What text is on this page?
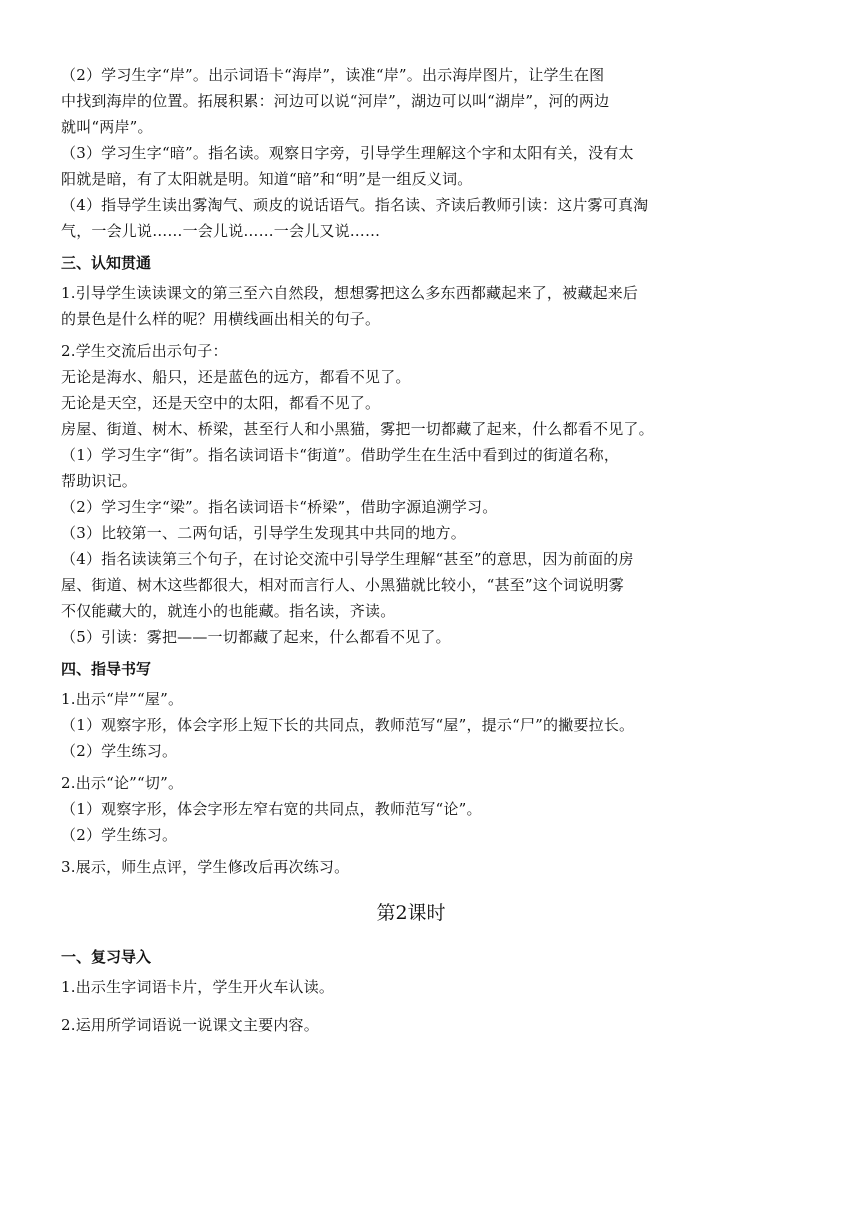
（2）学习生字“岸”。出示词语卡“海岸”，读准“岸”。出示海岸图片，让学生在图
中找到海岸的位置。拓展积累：河边可以说“河岸”，湖边可以叫“湖岸”，河的两边
就叫“两岸”。
（3）学习生字“暗”。指名读。观察日字旁，引导学生理解这个字和太阳有关，没有太
阳就是暗，有了太阳就是明。知道“暗”和“明”是一组反义词。
（4）指导学生读出雾淘气、顽皮的说话语气。指名读、齐读后教师引读：这片雾可真淘
气，一会儿说……一会儿说……一会儿又说……
三、认知贯通
1.引导学生读读课文的第三至六自然段，想想雾把这么多东西都藏起来了，被藏起来后
的景色是什么样的呢？用横线画出相关的句子。
2.学生交流后出示句子：
无论是海水、船只，还是蓝色的远方，都看不见了。
无论是天空，还是天空中的太阳，都看不见了。
房屋、街道、树木、桥梁，甚至行人和小黑猫，雾把一切都藏了起来，什么都看不见了。
（1）学习生字“街”。指名读词语卡“街道”。借助学生在生活中看到过的街道名称，
帮助识记。
（2）学习生字“梁”。指名读词语卡“桥梁”，借助字源追溯学习。
（3）比较第一、二两句话，引导学生发现其中共同的地方。
（4）指名读读第三个句子，在讨论交流中引导学生理解“甚至”的意思，因为前面的房
屋、街道、树木这些都很大，相对而言行人、小黑猫就比较小，“甚至”这个词说明雾
不仅能藏大的，就连小的也能藏。指名读，齐读。
（5）引读：雾把——一切都藏了起来，什么都看不见了。
四、指导书写
1.出示“岸”“屋”。
（1）观察字形，体会字形上短下长的共同点，教师范写“屋”，提示“尸”的撇要拉长。
（2）学生练习。
2.出示“论”“切”。
（1）观察字形，体会字形左窄右宽的共同点，教师范写“论”。
（2）学生练习。
3.展示，师生点评，学生修改后再次练习。
第2课时
一、复习导入
1.出示生字词语卡片，学生开火车认读。
2.运用所学词语说一说课文主要内容。
